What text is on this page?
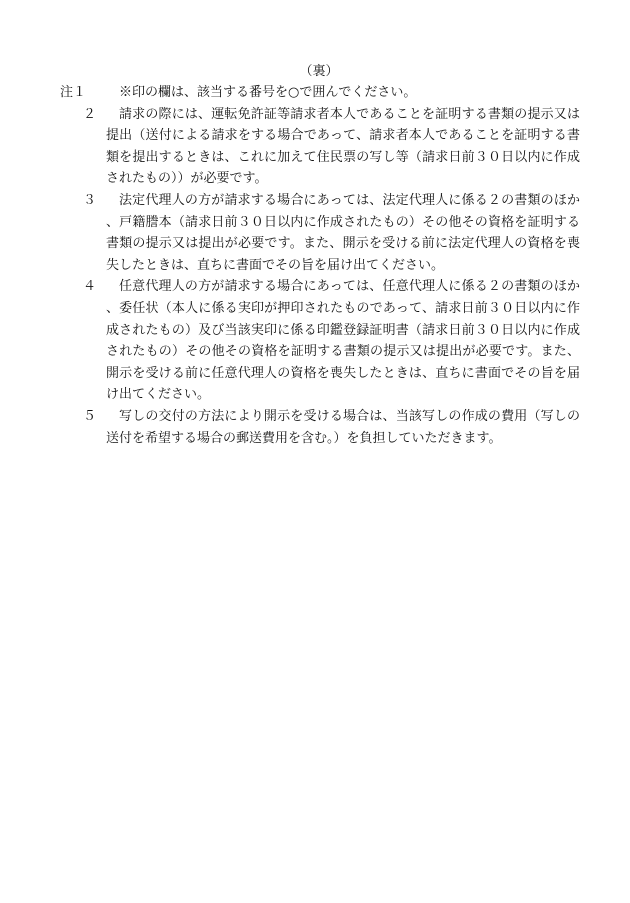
（裏）
注１	※印の欄は、該当する番号を○で囲んでください。
２	請求の際には、運転免許証等請求者本人であることを証明する書類の提示又は提出（送付による請求をする場合であって、請求者本人であることを証明する書類を提出するときは、これに加えて住民票の写し等（請求日前３０日以内に作成されたもの））が必要です。
３	法定代理人の方が請求する場合にあっては、法定代理人に係る２の書類のほか、戸籍謄本（請求日前３０日以内に作成されたもの）その他その資格を証明する書類の提示又は提出が必要です。また、開示を受ける前に法定代理人の資格を喪失したときは、直ちに書面でその旨を届け出てください。
４	任意代理人の方が請求する場合にあっては、任意代理人に係る２の書類のほか、委任状（本人に係る実印が押印されたものであって、請求日前３０日以内に作成されたもの）及び当該実印に係る印鑑登録証明書（請求日前３０日以内に作成されたもの）その他その資格を証明する書類の提示又は提出が必要です。また、開示を受ける前に任意代理人の資格を喪失したときは、直ちに書面でその旨を届け出てください。
５	写しの交付の方法により開示を受ける場合は、当該写しの作成の費用（写しの送付を希望する場合の郵送費用を含む。）を負担していただきます。
